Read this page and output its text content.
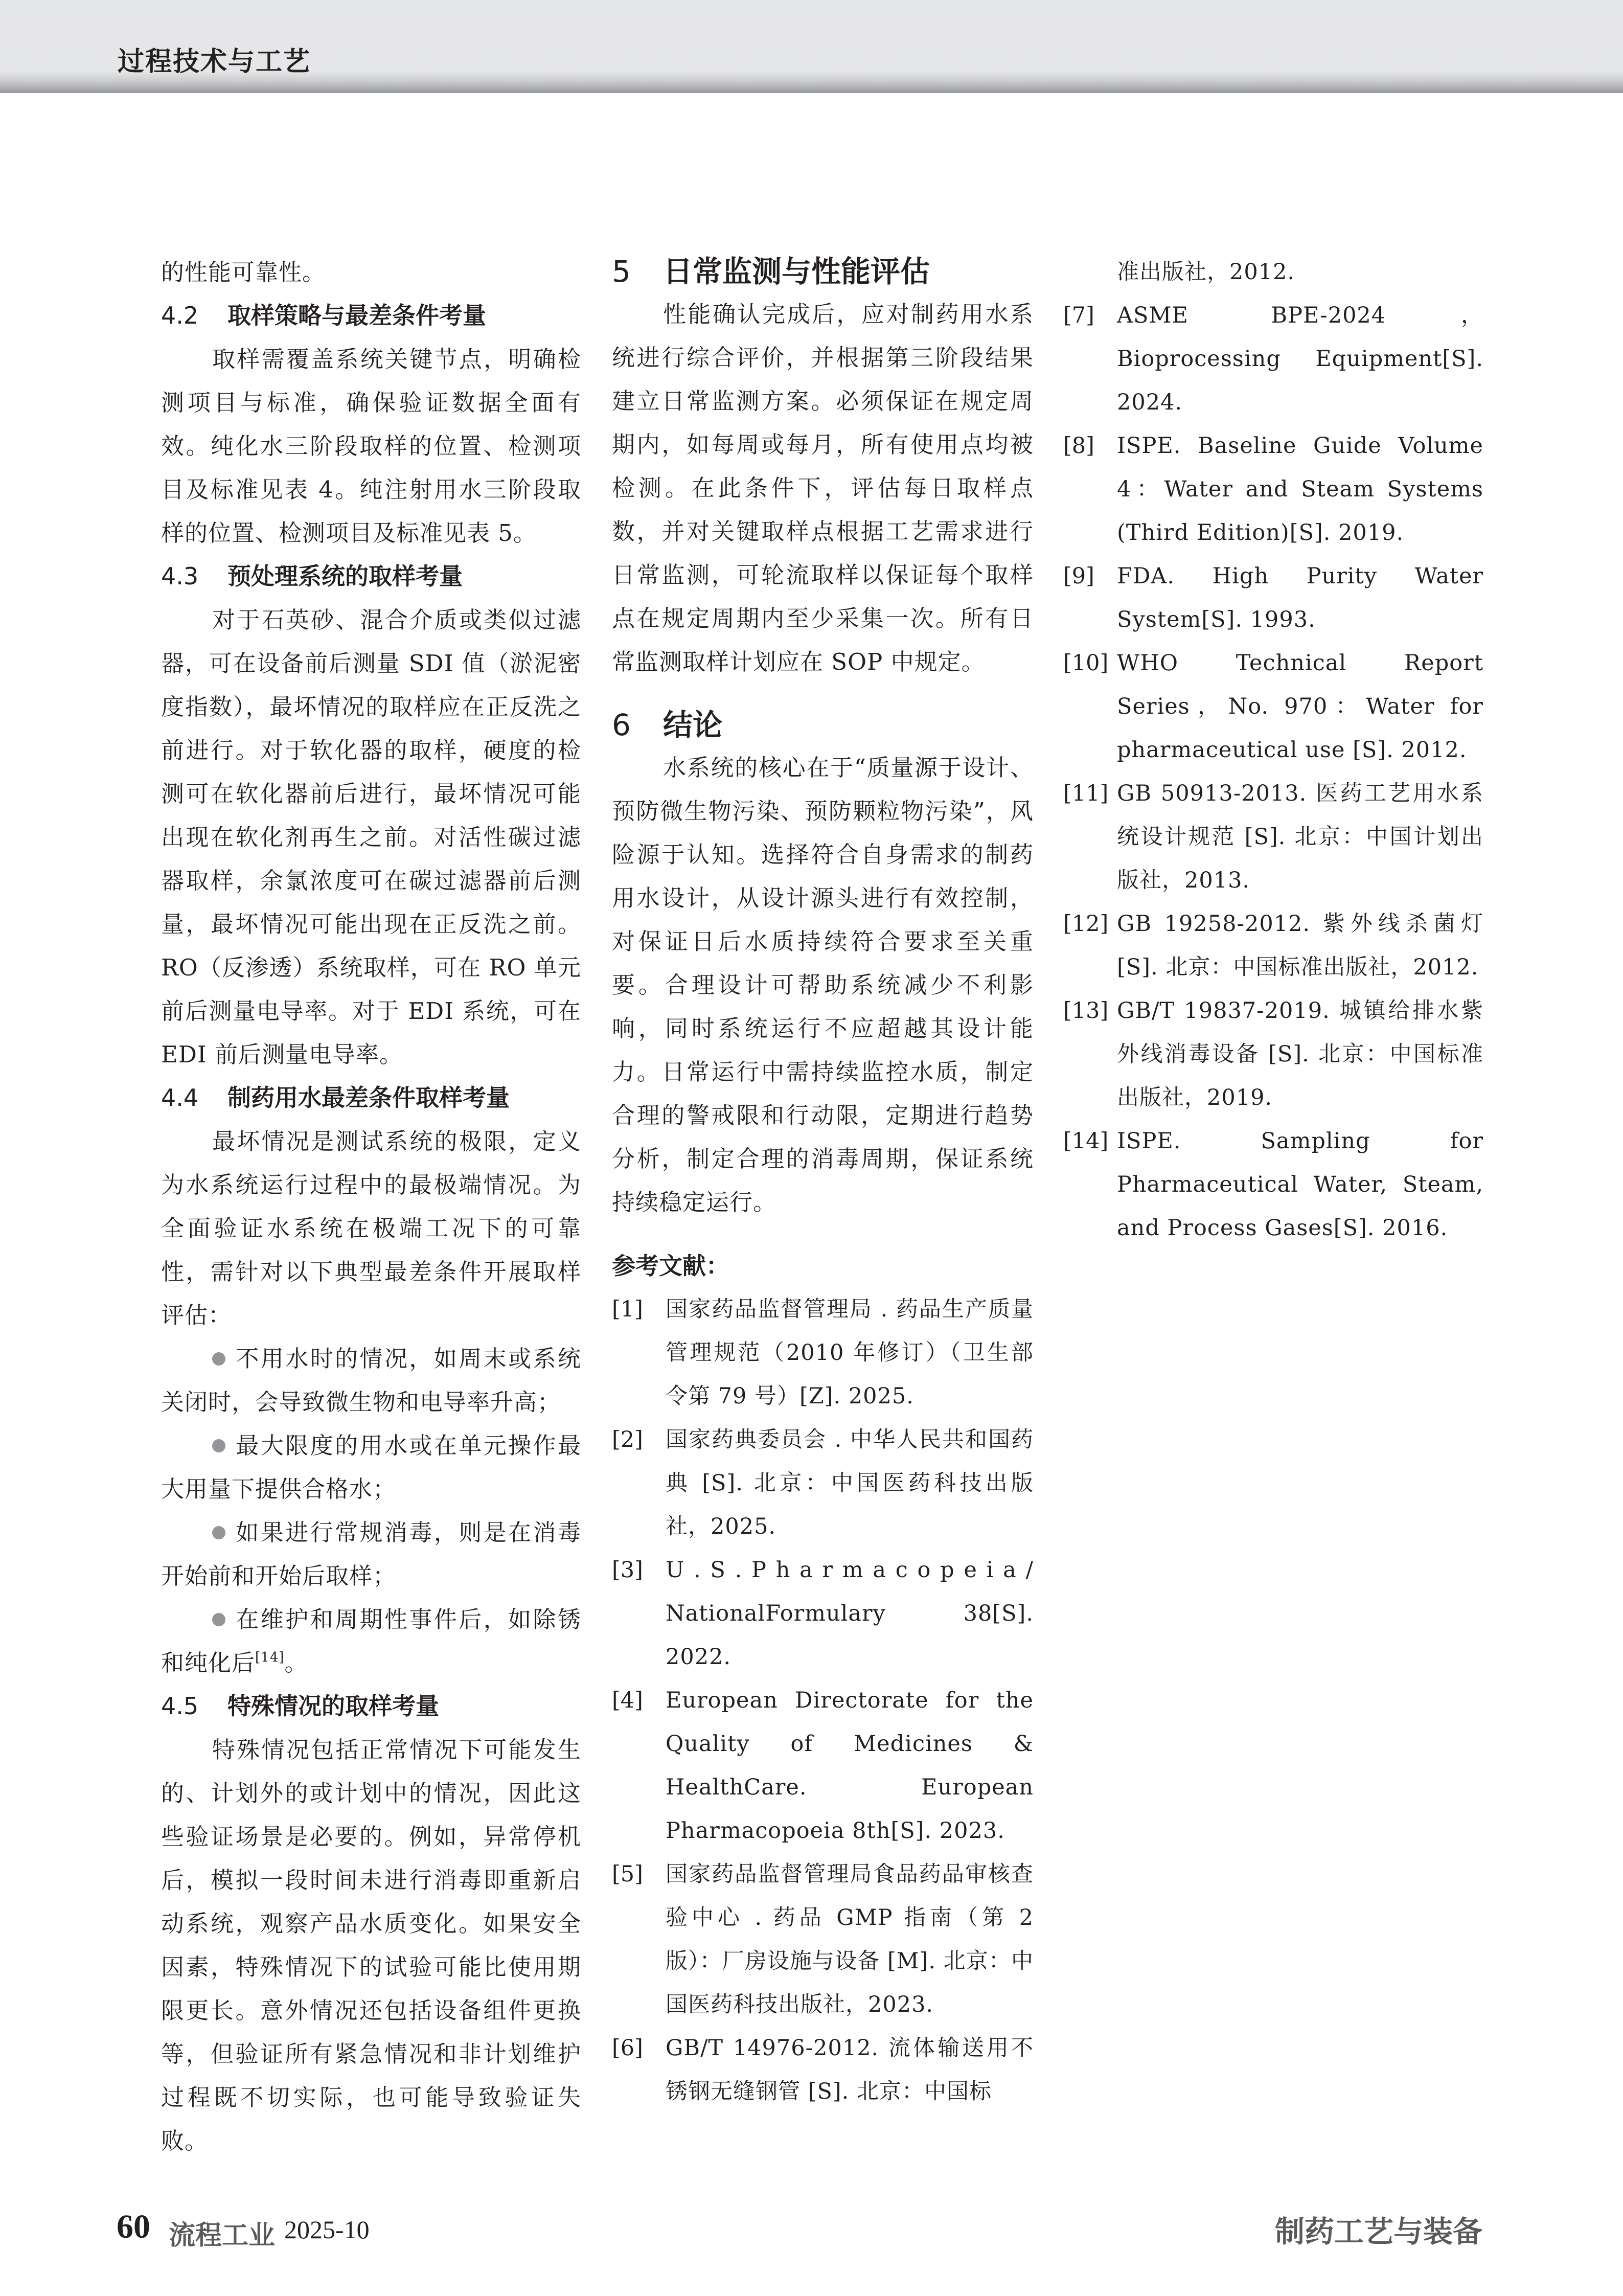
过程技术与工艺

的性能可靠性。

4.2 取样策略与最差条件考量

取样需覆盖系统关键节点，明确检测项目与标准，确保验证数据全面有效。纯化水三阶段取样的位置、检测项目及标准见表 4。纯注射用水三阶段取样的位置、检测项目及标准见表 5。

4.3 预处理系统的取样考量

对于石英砂、混合介质或类似过滤器，可在设备前后测量 SDI 值（淤泥密度指数），最坏情况的取样应在正反洗之前进行。对于软化器的取样，硬度的检测可在软化器前后进行，最坏情况可能出现在软化剂再生之前。对活性碳过滤器取样，余氯浓度可在碳过滤器前后测量，最坏情况可能出现在正反洗之前。RO（反渗透）系统取样，可在 RO 单元前后测量电导率。对于 EDI 系统，可在 EDI 前后测量电导率。

4.4 制药用水最差条件取样考量

最坏情况是测试系统的极限，定义为水系统运行过程中的最极端情况。为全面验证水系统在极端工况下的可靠性，需针对以下典型最差条件开展取样评估：

不用水时的情况，如周末或系统关闭时，会导致微生物和电导率升高；

最大限度的用水或在单元操作最大用量下提供合格水；

如果进行常规消毒，则是在消毒开始前和开始后取样；

在维护和周期性事件后，如除锈和纯化后[14]。

4.5 特殊情况的取样考量

特殊情况包括正常情况下可能发生的、计划外的或计划中的情况，因此这些验证场景是必要的。例如，异常停机后，模拟一段时间未进行消毒即重新启动系统，观察产品水质变化。如果安全因素，特殊情况下的试验可能比使用期限更长。意外情况还包括设备组件更换等，但验证所有紧急情况和非计划维护过程既不切实际，也可能导致验证失败。

5 日常监测与性能评估

性能确认完成后，应对制药用水系统进行综合评价，并根据第三阶段结果建立日常监测方案。必须保证在规定周期内，如每周或每月，所有使用点均被检测。在此条件下，评估每日取样点数，并对关键取样点根据工艺需求进行日常监测，可轮流取样以保证每个取样点在规定周期内至少采集一次。所有日常监测取样计划应在 SOP 中规定。

6 结论

水系统的核心在于“质量源于设计、预防微生物污染、预防颗粒物污染”，风险源于认知。选择符合自身需求的制药用水设计，从设计源头进行有效控制，对保证日后水质持续符合要求至关重要。合理设计可帮助系统减少不利影响，同时系统运行不应超越其设计能力。日常运行中需持续监控水质，制定合理的警戒限和行动限，定期进行趋势分析，制定合理的消毒周期，保证系统持续稳定运行。

参考文献：

[1]	国家药品监督管理局 . 药品生产质量管理规范（2010 年修订）（卫生部令第 79 号）[Z]. 2025.
[2]	国家药典委员会 . 中华人民共和国药典 [S]. 北京：中国医药科技出版社，2025.
[3]	U . S . P h a r m a c o p e i a / NationalFormulary 38[S]. 2022.
[4]	European Directorate for the Quality of Medicines & HealthCare. European Pharmacopoeia 8th[S]. 2023.
[5]	国家药品监督管理局食品药品审核查验中心 . 药品 GMP 指南（第 2 版）：厂房设施与设备 [M]. 北京：中国医药科技出版社，2023.
[6]	GB/T 14976-2012. 流体输送用不锈钢无缝钢管 [S]. 北京：中国标
准出版社，2012.
[7]	ASME BPE-2024，Bioprocessing Equipment[S]. 2024.
[8]	ISPE. Baseline Guide Volume 4：Water and Steam Systems (Third Edition)[S]. 2019.
[9]	FDA. High Purity Water System[S]. 1993.
[10] WHO Technical Report Series，No. 970：Water for pharmaceutical use [S]. 2012.
[11] GB 50913-2013. 医药工艺用水系统设计规范 [S]. 北京：中国计划出版社，2013.
[12] GB 19258-2012. 紫外线杀菌灯 [S]. 北京：中国标准出版社，2012.
[13] GB/T 19837-2019. 城镇给排水紫外线消毒设备 [S]. 北京：中国标准出版社，2019.
[14] ISPE. Sampling for Pharmaceutical Water, Steam, and Process Gases[S]. 2016.
60 流程工业 2025-10	制药工艺与装备
